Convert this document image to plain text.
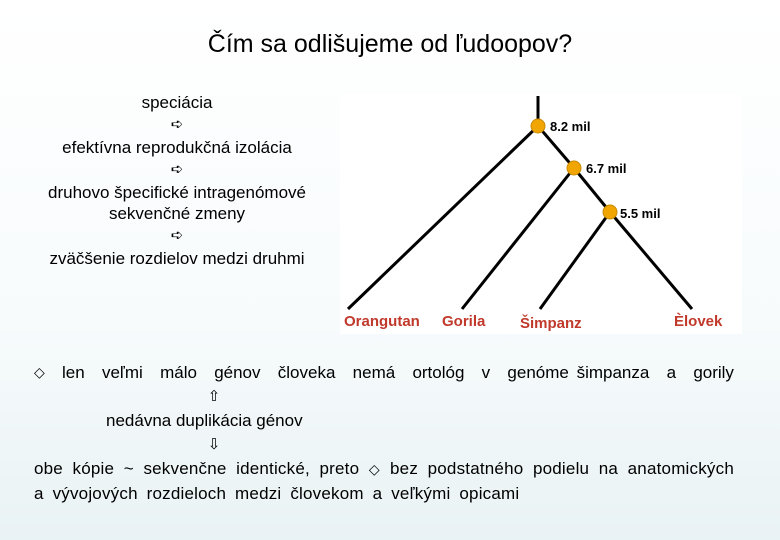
Čím sa odlišujeme od ľudoopov?
speciácia
➪
efektívna reprodukčná izolácia
➪
druhovo špecifické intragenómové sekvenčné zmeny
➪
zväčšenie rozdielov medzi druhmi
8.2 mil
6.7 mil
5.5 mil
Orangutan Gorila Šimpanz	Èlovek
◇ len veľmi málo génov človeka nemá ortológ v genóme šimpanza a gorily
⇧
nedávna duplikácia génov
⇩
obe kópie ~ sekvenčne identické, preto ◇ bez podstatného podielu na anatomických a vývojových rozdieloch medzi človekom a veľkými opicami
